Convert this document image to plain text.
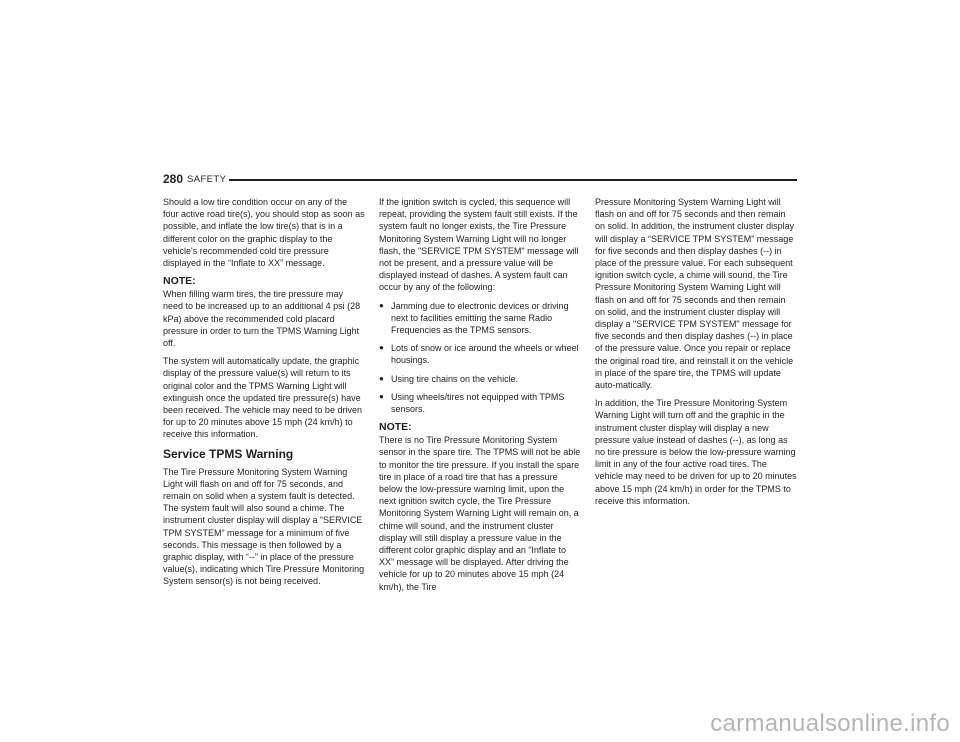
280 SAFETY

Should a low tire condition occur on any of the four active road tire(s), you should stop as soon as possible, and inflate the low tire(s) that is in a different color on the graphic display to the vehicle's recommended cold tire pressure displayed in the “Inflate to XX” message.

NOTE:

When filling warm tires, the tire pressure may need to be increased up to an additional 4 psi (28 kPa) above the recommended cold placard pressure in order to turn the TPMS Warning Light off.

The system will automatically update, the graphic display of the pressure value(s) will return to its original color and the TPMS Warning Light will extinguish once the updated tire pressure(s) have been received. The vehicle may need to be driven for up to 20 minutes above 15 mph (24 km/h) to receive this information.

Service TPMS Warning

The Tire Pressure Monitoring System Warning Light will flash on and off for 75 seconds, and remain on solid when a system fault is detected. The system fault will also sound a chime. The instrument cluster display will display a “SERVICE TPM SYSTEM” message for a minimum of five seconds. This message is then followed by a graphic display, with “--” in place of the pressure value(s), indicating which Tire Pressure Monitoring System sensor(s) is not being received.

If the ignition switch is cycled, this sequence will repeat, providing the system fault still exists. If the system fault no longer exists, the Tire Pressure Monitoring System Warning Light will no longer flash, the "SERVICE TPM SYSTEM" message will not be present, and a pressure value will be displayed instead of dashes. A system fault can occur by any of the following:

● Jamming due to electronic devices or driving next to facilities emitting the same Radio Frequencies as the TPMS sensors.
● Lots of snow or ice around the wheels or wheel housings.
● Using tire chains on the vehicle.
● Using wheels/tires not equipped with TPMS sensors.
NOTE:

There is no Tire Pressure Monitoring System sensor in the spare tire. The TPMS will not be able to monitor the tire pressure. If you install the spare tire in place of a road tire that has a pressure below the low-pressure warning limit, upon the next ignition switch cycle, the Tire Pressure Monitoring System Warning Light will remain on, a chime will sound, and the instrument cluster display will still display a pressure value in the different color graphic display and an “Inflate to XX” message will be displayed. After driving the vehicle for up to 20 minutes above 15 mph (24 km/h), the Tire

Pressure Monitoring System Warning Light will flash on and off for 75 seconds and then remain on solid. In addition, the instrument cluster display will display a “SERVICE TPM SYSTEM” message for five seconds and then display dashes (--) in place of the pressure value. For each subsequent ignition switch cycle, a chime will sound, the Tire Pressure Monitoring System Warning Light will flash on and off for 75 seconds and then remain on solid, and the instrument cluster display will display a "SERVICE TPM SYSTEM" message for five seconds and then display dashes (--) in place of the pressure value. Once you repair or replace the original road tire, and reinstall it on the vehicle in place of the spare tire, the TPMS will update auto-matically.

In addition, the Tire Pressure Monitoring System Warning Light will turn off and the graphic in the instrument cluster display will display a new pressure value instead of dashes (--), as long as no tire pressure is below the low-pressure warning limit in any of the four active road tires. The vehicle may need to be driven for up to 20 minutes above 15 mph (24 km/h) in order for the TPMS to receive this information.

carmanualsonline.info
